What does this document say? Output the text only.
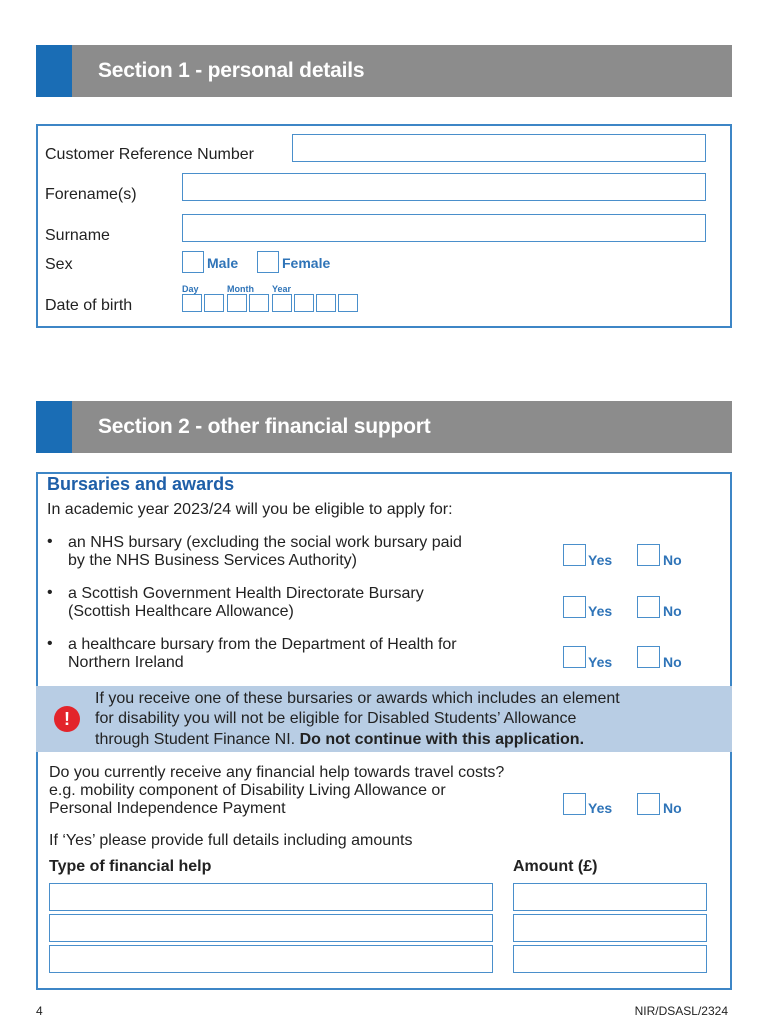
Section 1 - personal details
Customer Reference Number
Forename(s)
Surname
Sex	Male	Female
Day	Month Year
Date of birth
Section 2 - other financial support
Bursaries and awards
In academic year 2023/24 will you be eligible to apply for:
• an NHS bursary (excluding the social work bursary paid
by the NHS Business Services Authority)	Yes	No
• a Scottish Government Health Directorate Bursary
(Scottish Healthcare Allowance)	Yes	No
• a healthcare bursary from the Department of Health for
Northern Ireland	Yes	No
!
If you receive one of these bursaries or awards which includes an element
for disability you will not be eligible for Disabled Students’ Allowance
through Student Finance NI. Do not continue with this application.
Do you currently receive any financial help towards travel costs?
e.g. mobility component of Disability Living Allowance or
Personal Independence Payment	Yes	No
If ‘Yes’ please provide full details including amounts
Type of financial help	Amount (£)
4	NIR/DSASL/2324
